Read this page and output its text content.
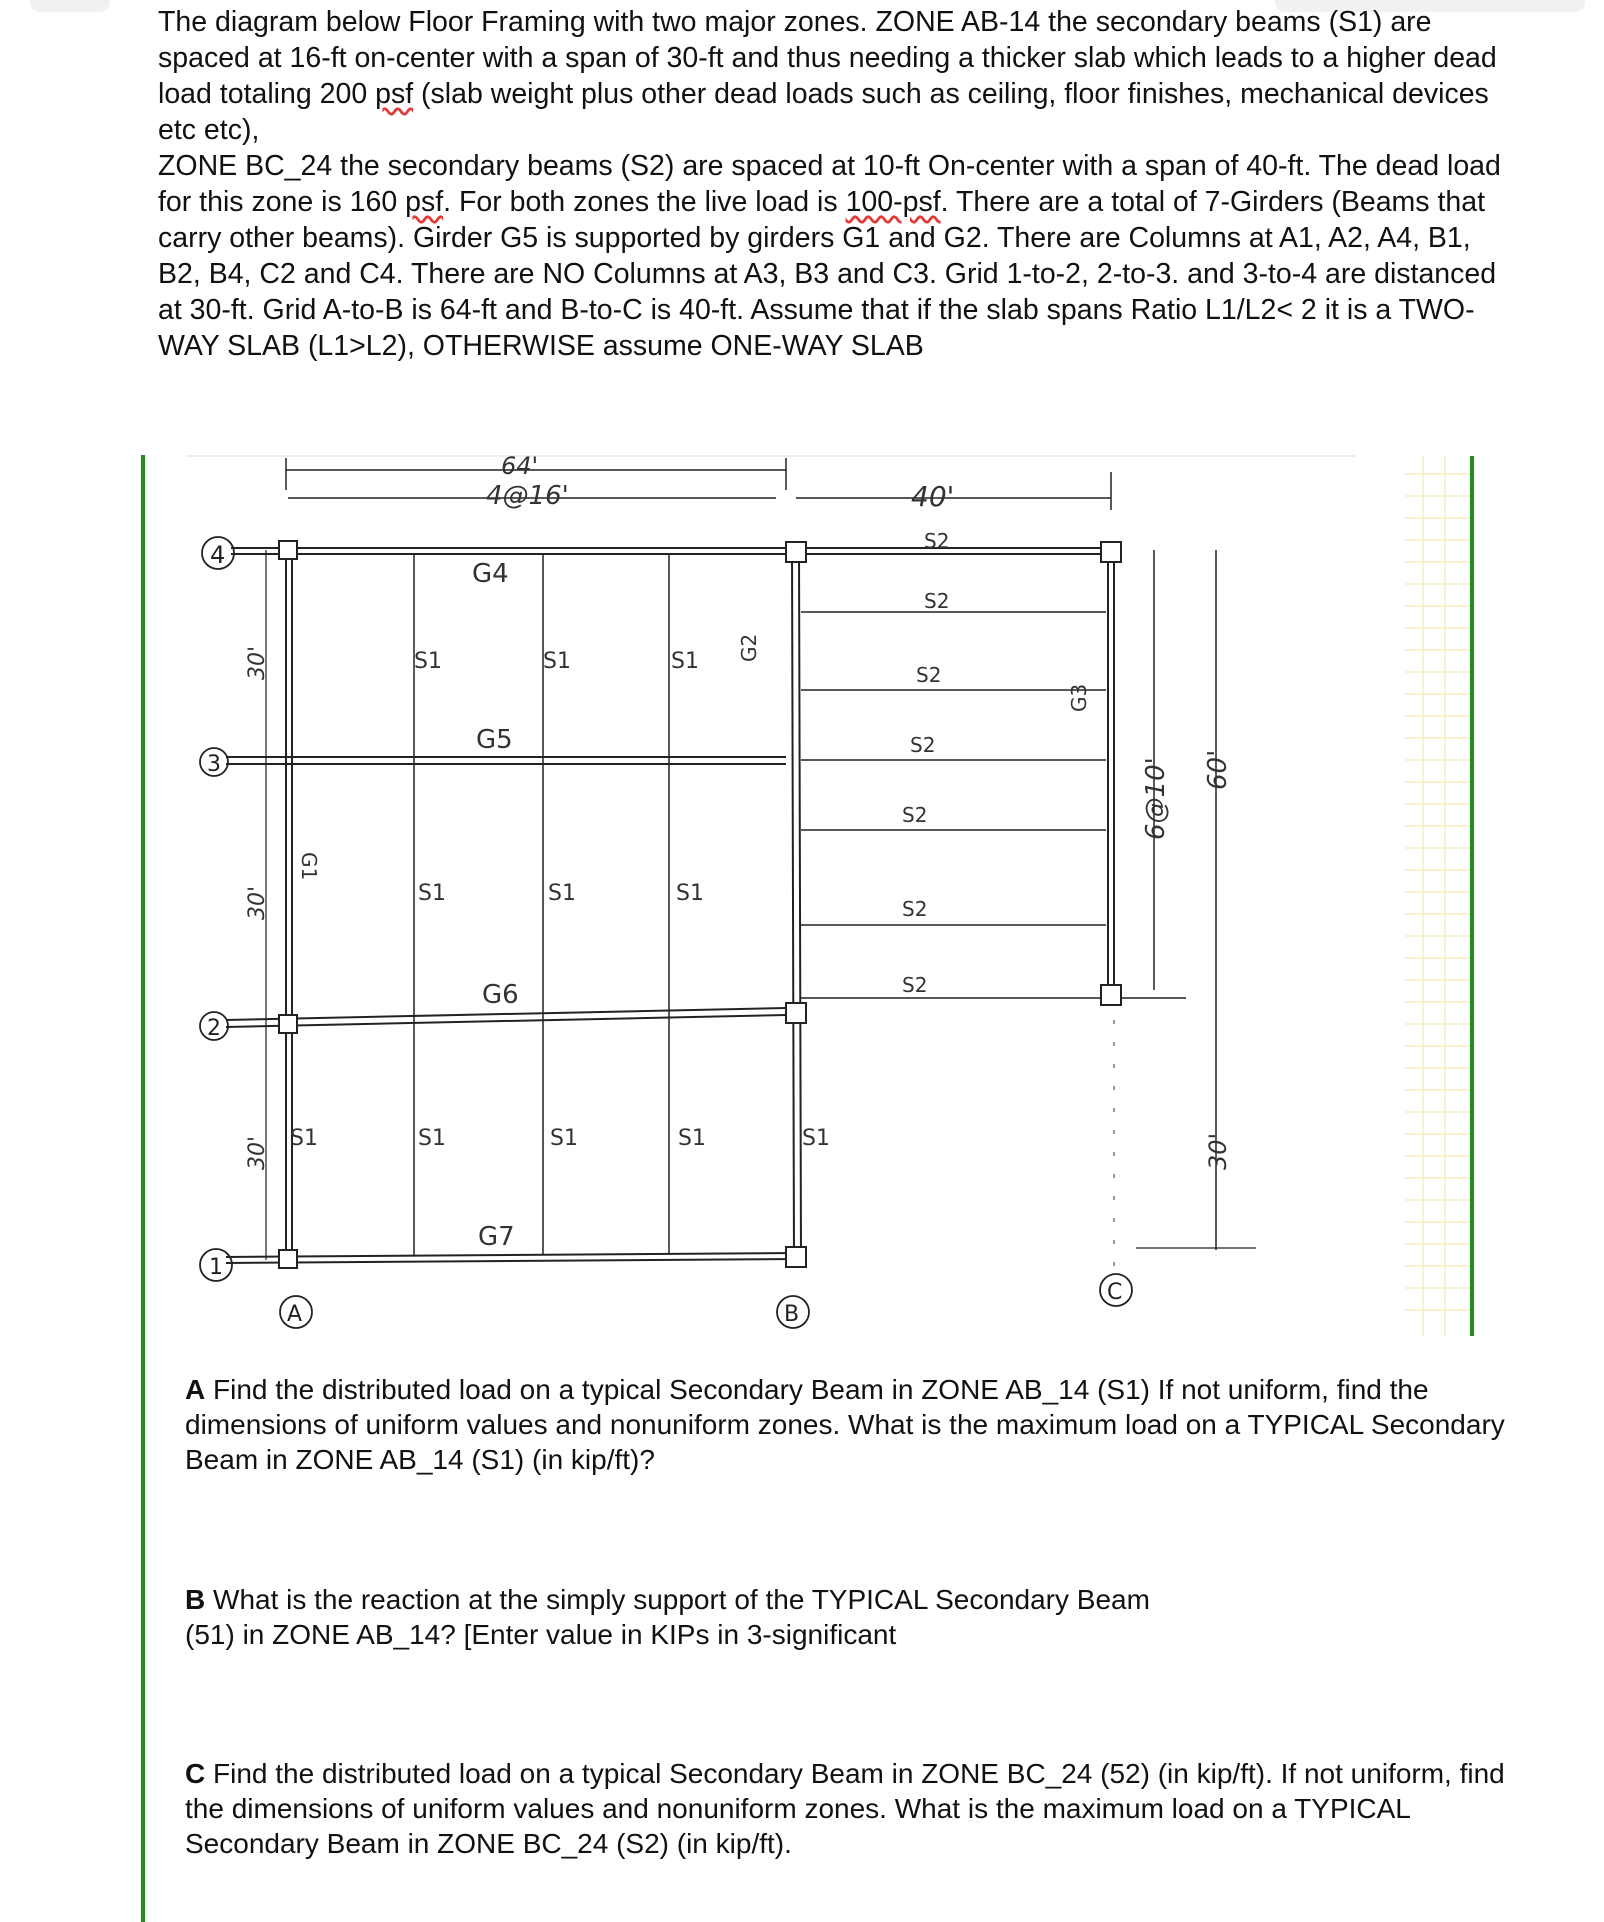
The diagram below Floor Framing with two major zones. ZONE AB-14 the secondary beams (S1) are spaced at 16-ft on-center with a span of 30-ft and thus needing a thicker slab which leads to a higher dead load totaling 200 psf (slab weight plus other dead loads such as ceiling, floor finishes, mechanical devices etc etc),

ZONE BC_24 the secondary beams (S2) are spaced at 10-ft On-center with a span of 40-ft. The dead load for this zone is 160 psf. For both zones the live load is 100-psf. There are a total of 7-Girders (Beams that carry other beams). Girder G5 is supported by girders G1 and G2. There are Columns at A1, A2, A4, B1, B2, B4, C2 and C4. There are NO Columns at A3, B3 and C3. Grid 1-to-2, 2-to-3. and 3-to-4 are distanced at 30-ft. Grid A-to-B is 64-ft and B-to-C is 40-ft. Assume that if the slab spans Ratio L1/L2< 2 it is a TWO-WAY SLAB (L1>L2), OTHERWISE assume ONE-WAY SLAB

64'
4@16'	40'
4
3
2
1
A	B
C
30'
30'
30'
6@10' 60'
30'
G4
G5
G6
G7
G1
G2
G3
S1	S1	S1
S1	S1	S1
S1	S1	S1	S1	S1
S2
S2
S2
S2
S2
S2
S2

A Find the distributed load on a typical Secondary Beam in ZONE AB_14 (S1) If not uniform, find the dimensions of uniform values and nonuniform zones. What is the maximum load on a TYPICAL Secondary Beam in ZONE AB_14 (S1) (in kip/ft)?

B What is the reaction at the simply support of the TYPICAL Secondary Beam (51) in ZONE AB_14? [Enter value in KIPs in 3-significant

C Find the distributed load on a typical Secondary Beam in ZONE BC_24 (52) (in kip/ft). If not uniform, find the dimensions of uniform values and nonuniform zones. What is the maximum load on a TYPICAL Secondary Beam in ZONE BC_24 (S2) (in kip/ft).
